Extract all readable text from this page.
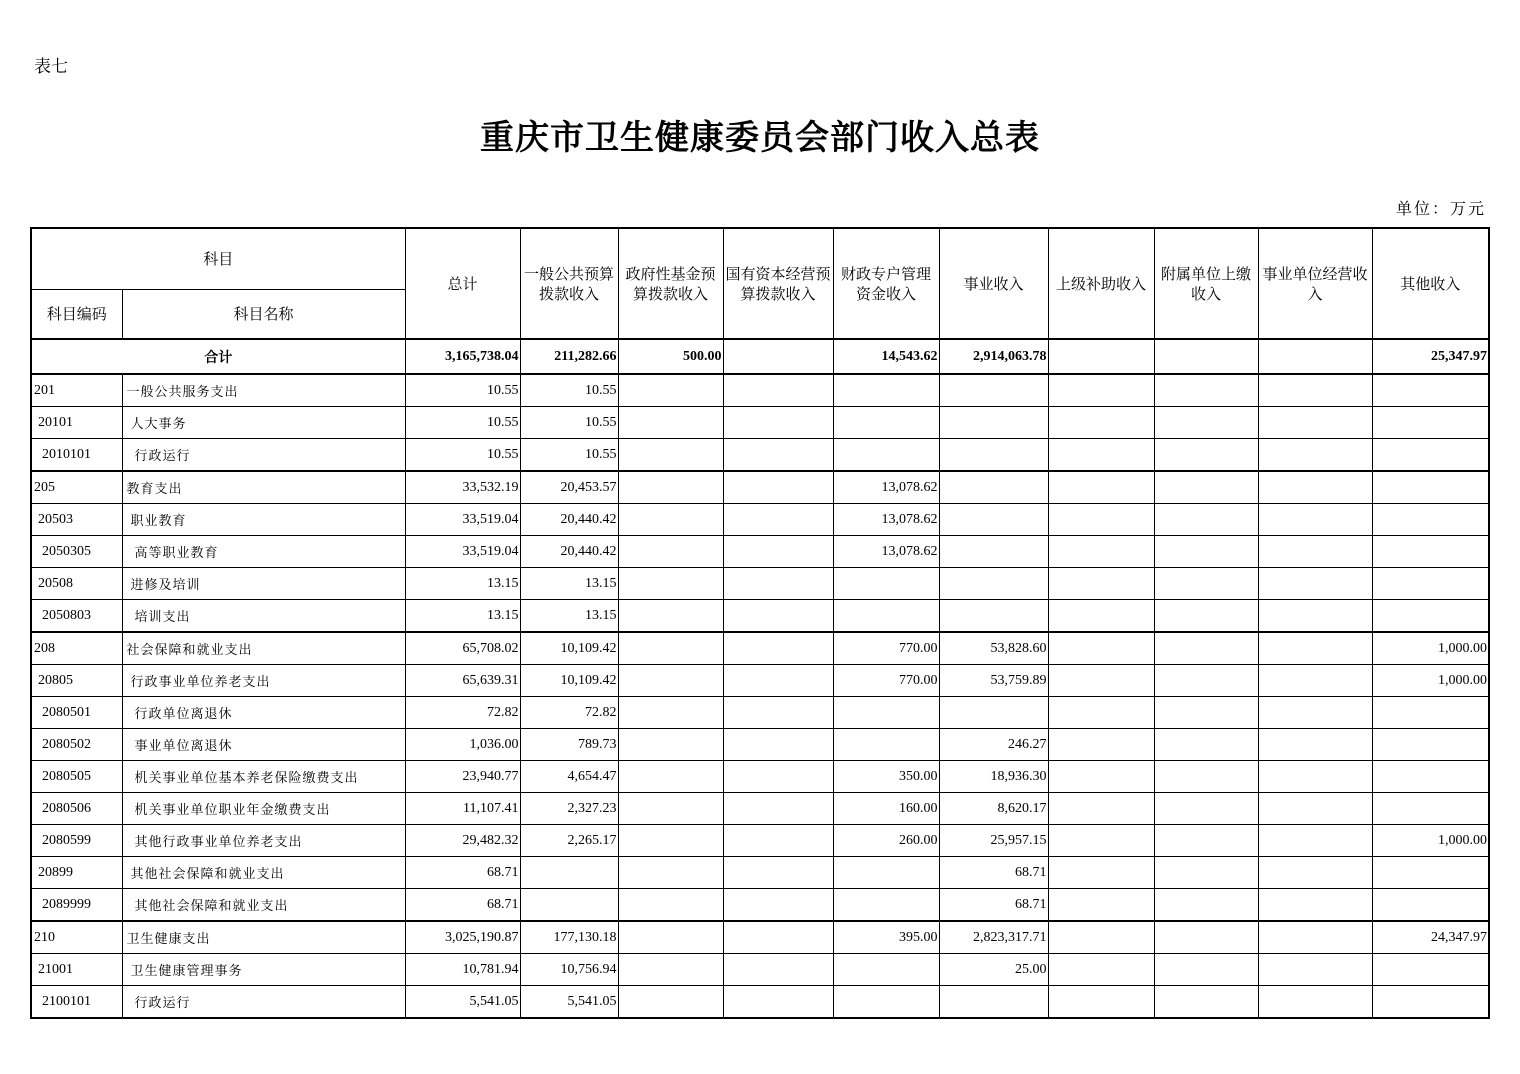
表七
重庆市卫生健康委员会部门收入总表
单位：万元
科目		总计	一般公共预算拨款收入	政府性基金预算拨款收入	国有资本经营预算拨款收入	财政专户管理资金收入	事业收入	上级补助收入	附属单位上缴收入	事业单位经营收入	其他收入
科目编码	科目名称										
合计		3,165,738.04	211,282.66	500.00		14,543.62	2,914,063.78				25,347.97
201	一般公共服务支出	10.55	10.55								
20101	人大事务	10.55	10.55								
2010101	行政运行	10.55	10.55								
205	教育支出	33,532.19	20,453.57			13,078.62					
20503	职业教育	33,519.04	20,440.42			13,078.62					
2050305	高等职业教育	33,519.04	20,440.42			13,078.62					
20508	进修及培训	13.15	13.15								
2050803	培训支出	13.15	13.15								
208	社会保障和就业支出	65,708.02	10,109.42			770.00	53,828.60				1,000.00
20805	行政事业单位养老支出	65,639.31	10,109.42			770.00	53,759.89				1,000.00
2080501	行政单位离退休	72.82	72.82								
2080502	事业单位离退休	1,036.00	789.73				246.27				
2080505	机关事业单位基本养老保险缴费支出	23,940.77	4,654.47			350.00	18,936.30				
2080506	机关事业单位职业年金缴费支出	11,107.41	2,327.23			160.00	8,620.17				
2080599	其他行政事业单位养老支出	29,482.32	2,265.17			260.00	25,957.15				1,000.00
20899	其他社会保障和就业支出	68.71					68.71				
2089999	其他社会保障和就业支出	68.71					68.71				
210	卫生健康支出	3,025,190.87	177,130.18			395.00	2,823,317.71				24,347.97
21001	卫生健康管理事务	10,781.94	10,756.94				25.00				
2100101	行政运行	5,541.05	5,541.05								
